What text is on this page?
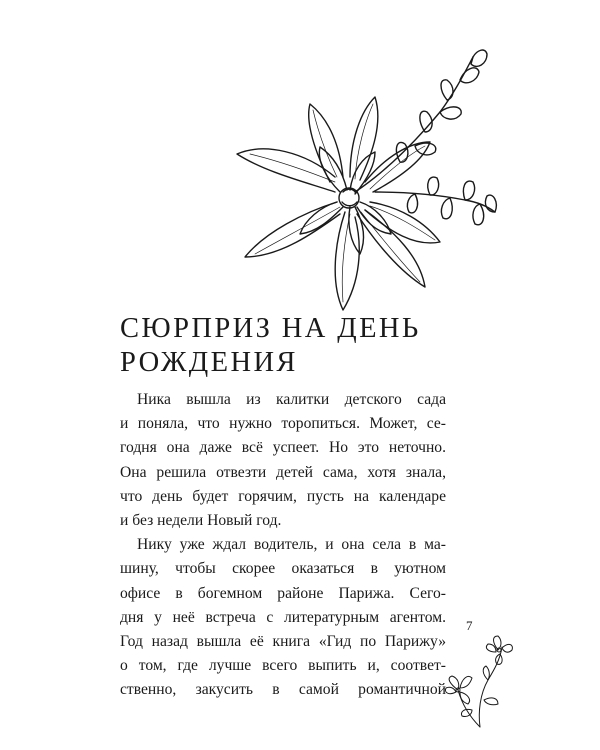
СЮРПРИЗ НА ДЕНЬ
РОЖДЕНИЯ
Ника вышла из калитки детского сада
и поняла, что нужно торопиться. Может, се-
годня она даже всё успеет. Но это неточно.
Она решила отвезти детей сама, хотя знала,
что день будет горячим, пусть на календаре
и без недели Новый год.
Нику уже ждал водитель, и она села в ма-
шину, чтобы скорее оказаться в уютном
офисе в богемном районе Парижа. Сего-
дня у неё встреча с литературным агентом.
Год назад вышла её книга «Гид по Парижу»
о том, где лучше всего выпить и, соответ-
ственно, закусить в самой романтичной
7
